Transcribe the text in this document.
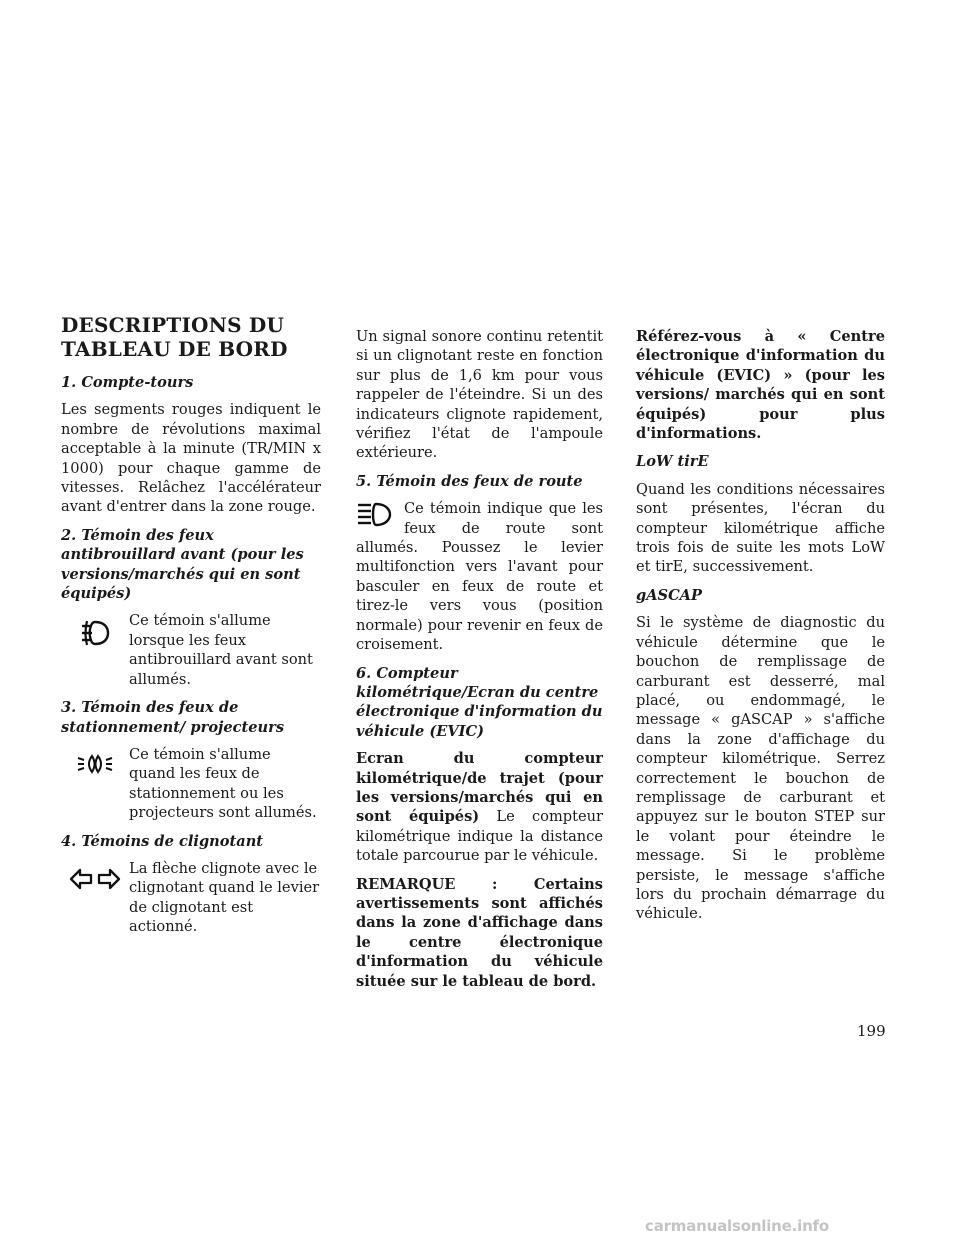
DESCRIPTIONS DU
TABLEAU DE BORD

1. Compte-tours

Les segments rouges indiquent le nombre de révolutions maximal acceptable à la minute (TR/MIN x 1000) pour chaque gamme de vitesses. Relâchez l'accélérateur avant d'entrer dans la zone rouge.

2. Témoin des feux antibrouillard avant (pour les versions/marchés qui en sont équipés)

Ce témoin s'allume lorsque les feux antibrouillard avant sont allumés.

3. Témoin des feux de stationnement/ projecteurs

Ce témoin s'allume quand les feux de stationnement ou les projecteurs sont allumés.

4. Témoins de clignotant

La flèche clignote avec le clignotant quand le levier de clignotant est actionné.

Un signal sonore continu retentit si un clignotant reste en fonction sur plus de 1,6 km pour vous rappeler de l'éteindre. Si un des indicateurs clignote rapidement, vérifiez l'état de l'ampoule extérieure.

5. Témoin des feux de route

Ce témoin indique que les feux de route sont allumés. Poussez le levier multifonction vers l'avant pour basculer en feux de route et tirez-le vers vous (position normale) pour revenir en feux de croisement.

6. Compteur kilométrique/Ecran du centre électronique d'information du véhicule (EVIC)

Ecran du compteur kilométrique/de trajet (pour les versions/marchés qui en sont équipés) Le compteur kilométrique indique la distance totale parcourue par le véhicule.

REMARQUE : Certains avertissements sont affichés dans la zone d'affichage dans le centre électronique d'information du véhicule située sur le tableau de bord.

Référez-vous à « Centre électronique d'information du véhicule (EVIC) » (pour les versions/ marchés qui en sont équipés) pour plus d'informations.

LoW tirE

Quand les conditions nécessaires sont présentes, l'écran du compteur kilométrique affiche trois fois de suite les mots LoW et tirE, successivement.

gASCAP

Si le système de diagnostic du véhicule détermine que le bouchon de remplissage de carburant est desserré, mal placé, ou endommagé, le message « gASCAP » s'affiche dans la zone d'affichage du compteur kilométrique. Serrez correctement le bouchon de remplissage de carburant et appuyez sur le bouton STEP sur le volant pour éteindre le message. Si le problème persiste, le message s'affiche lors du prochain démarrage du véhicule.

199
carmanualsonline.info
